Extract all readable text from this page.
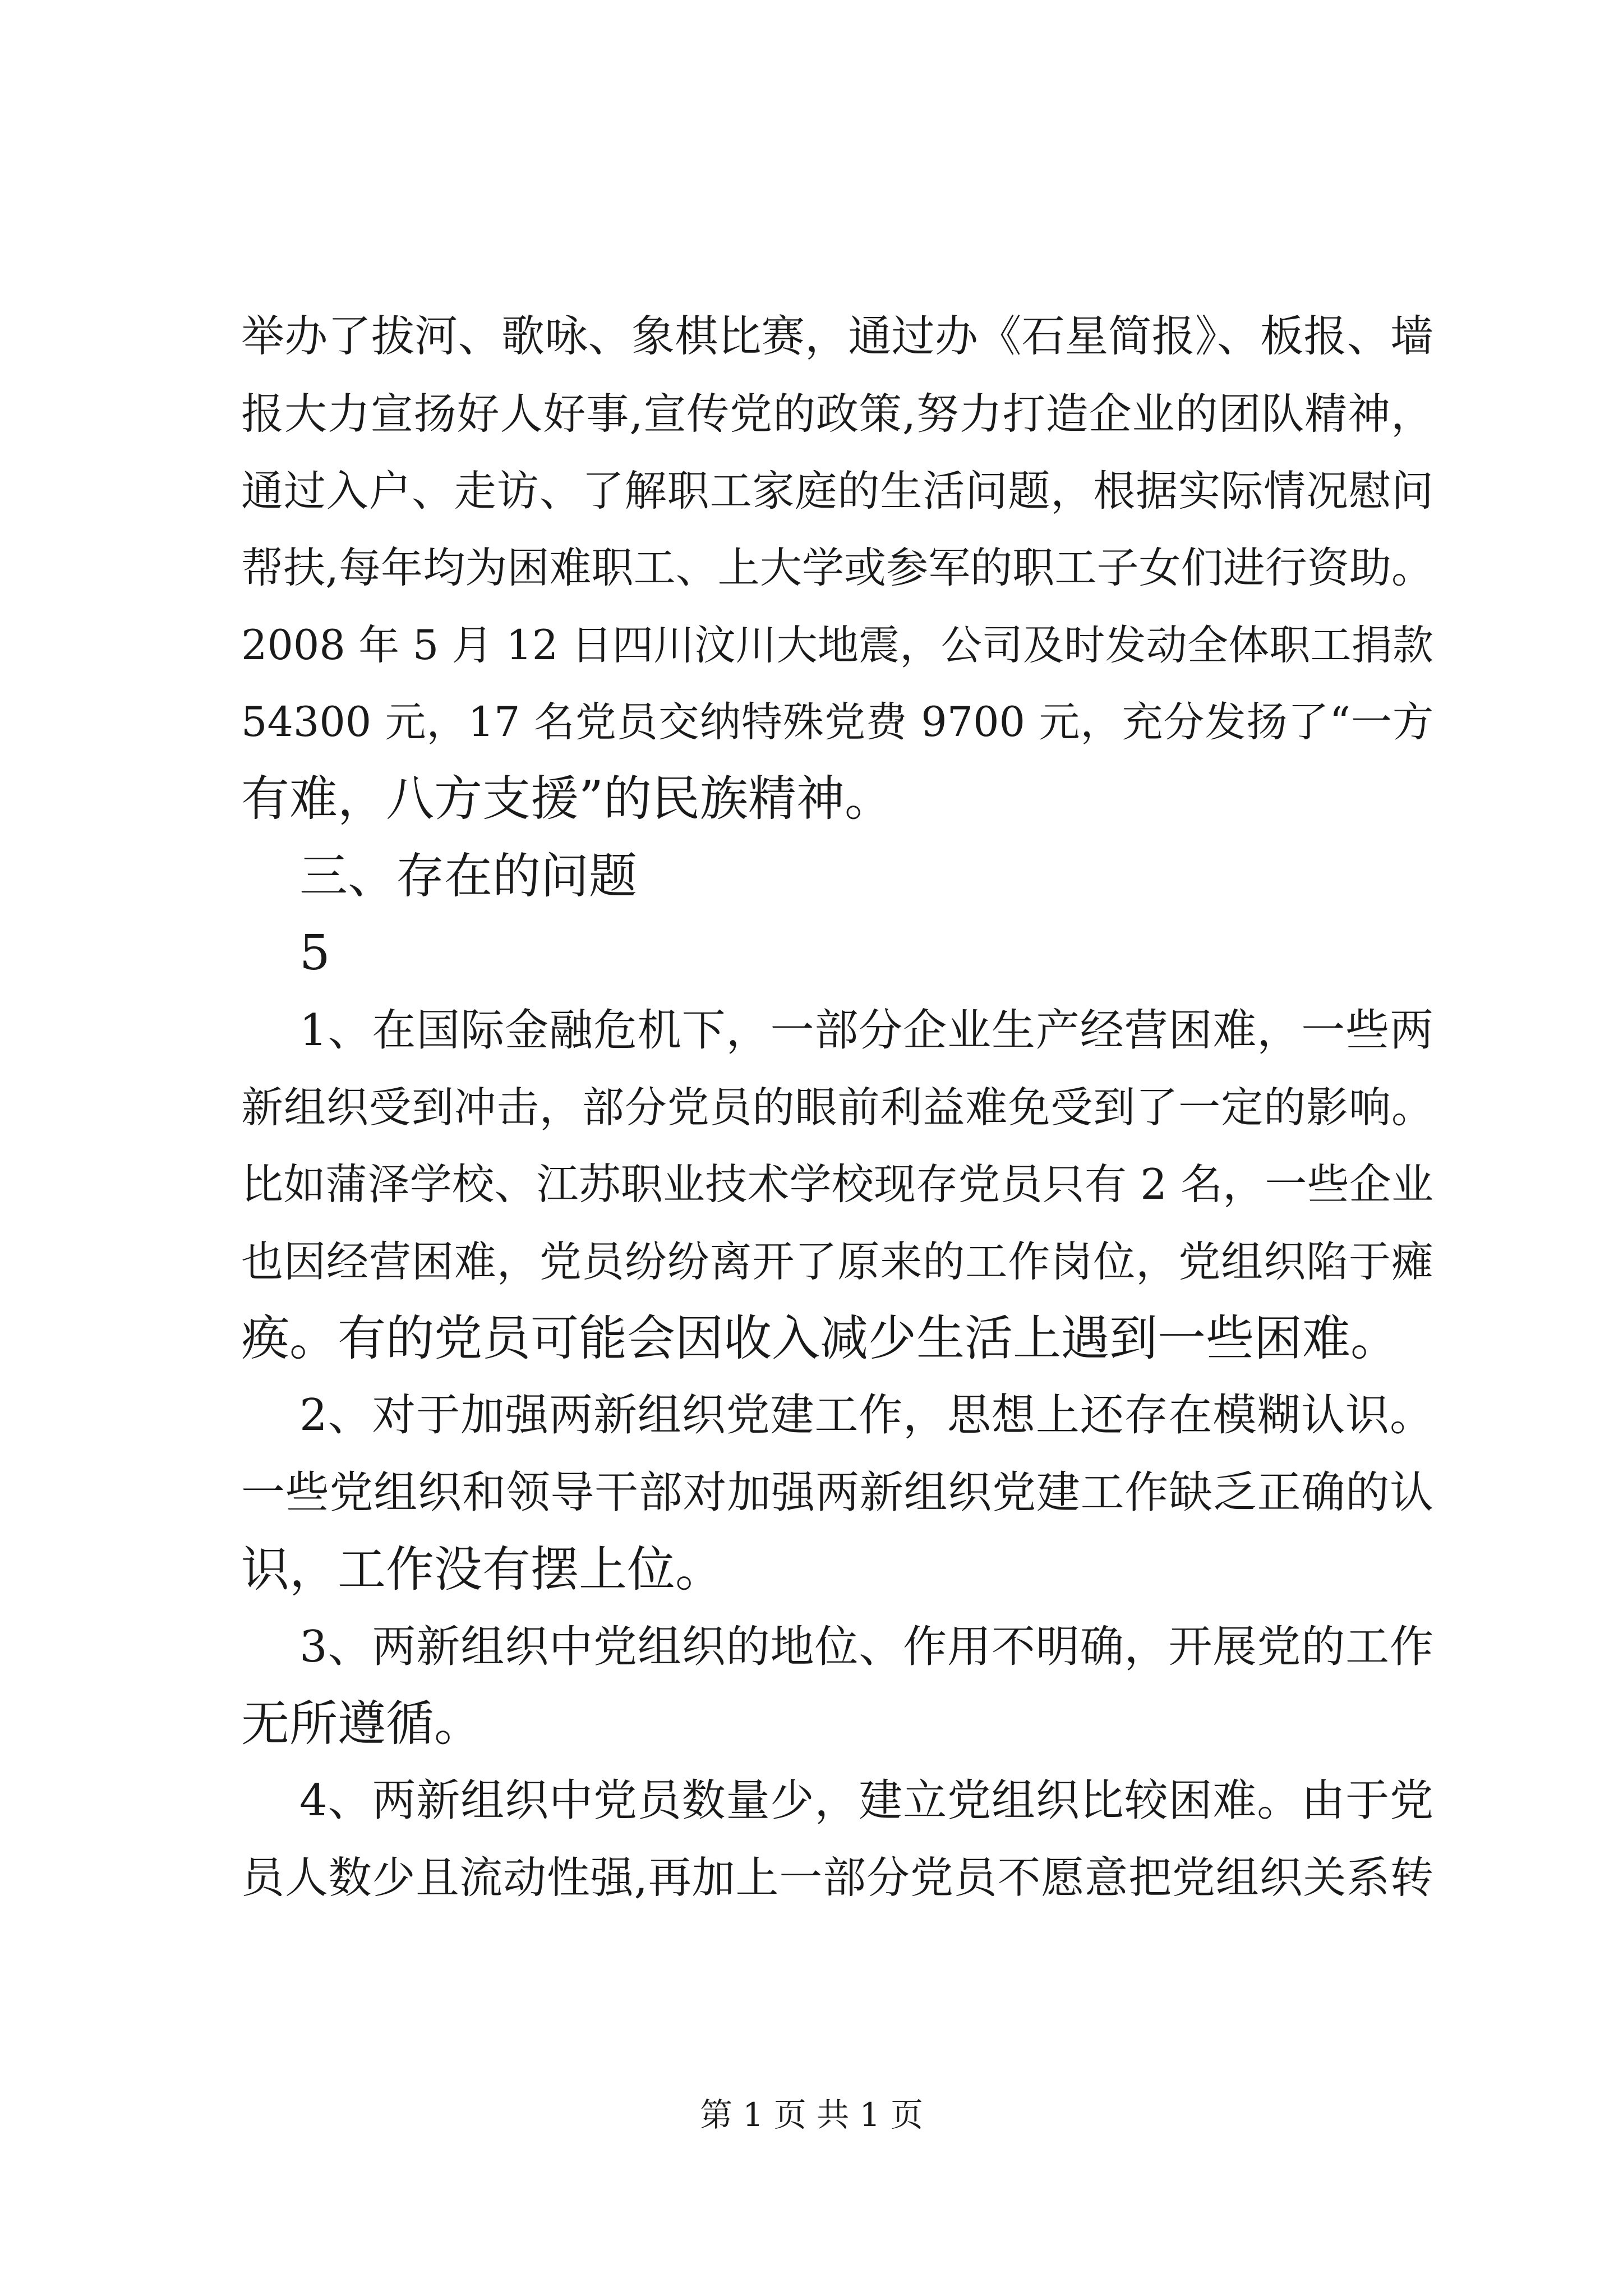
举办了拔河、歌咏、象棋比赛，通过办《石星简报》、板报、墙
报大力宣扬好人好事,宣传党的政策,努力打造企业的团队精神，
通过入户、走访、了解职工家庭的生活问题，根据实际情况慰问
帮扶,每年均为困难职工、上大学或参军的职工子女们进行资助。
2008 年 5 月 12 日四川汶川大地震，公司及时发动全体职工捐款
54300 元，17 名党员交纳特殊党费 9700 元，充分发扬了“一方
有难，八方支援”的民族精神。
三、存在的问题
5
1、在国际金融危机下，一部分企业生产经营困难，一些两
新组织受到冲击，部分党员的眼前利益难免受到了一定的影响。
比如蒲泽学校、江苏职业技术学校现存党员只有 2 名，一些企业
也因经营困难，党员纷纷离开了原来的工作岗位，党组织陷于瘫
痪。有的党员可能会因收入减少生活上遇到一些困难。
2、对于加强两新组织党建工作，思想上还存在模糊认识。
一些党组织和领导干部对加强两新组织党建工作缺乏正确的认
识，工作没有摆上位。
3、两新组织中党组织的地位、作用不明确，开展党的工作
无所遵循。
4、两新组织中党员数量少，建立党组织比较困难。由于党
员人数少且流动性强,再加上一部分党员不愿意把党组织关系转
第 1 页 共 1 页
